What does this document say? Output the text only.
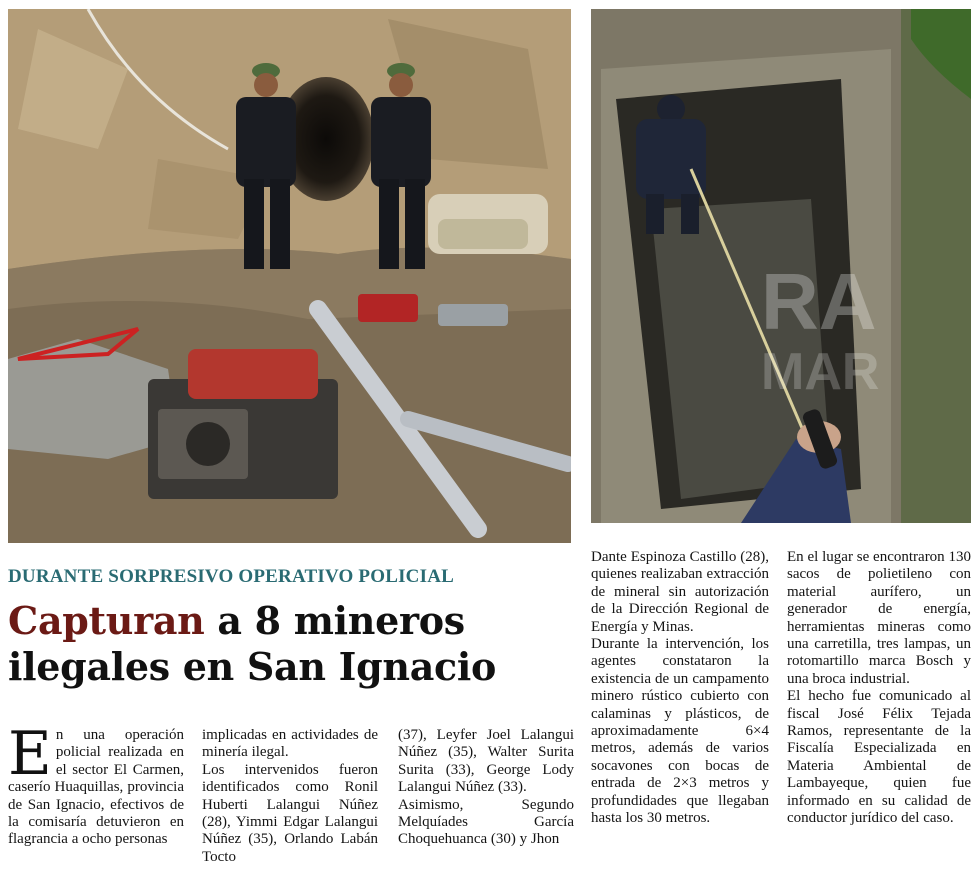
RA
MAR
DURANTE SORPRESIVO OPERATIVO POLICIAL
Capturan a 8 mineros
ilegales en San Ignacio
E n una operación policial realizada en el sector El Carmen, caserío Huaquillas, provincia de San Ignacio, efectivos de la comisaría detuvieron en flagrancia a ocho personas

implicadas en actividades de minería ilegal.
Los intervenidos fueron identificados como Ronil Huberti Lalangui Núñez (28), Yimmi Edgar Lalangui Núñez (35), Orlando Labán Tocto

(37), Leyfer Joel Lalangui Núñez (35), Walter Surita Surita (33), George Lody Lalangui Núñez (33).
Asimismo, Segundo Melquíades García Choquehuanca (30) y Jhon

Dante Espinoza Castillo (28), quienes realizaban extracción de mineral sin autorización de la Dirección Regional de Energía y Minas.
Durante la intervención, los agentes constataron la existencia de un campamento minero rústico cubierto con calaminas y plásticos, de aproximadamente 6×4 metros, además de varios socavones con bocas de entrada de 2×3 metros y profundidades que llegaban hasta los 30 metros.

En el lugar se encontraron 130 sacos de polietileno con material aurífero, un generador de energía, herramientas mineras como una carretilla, tres lampas, un rotomartillo marca Bosch y una broca industrial.
El hecho fue comunicado al fiscal José Félix Tejada Ramos, representante de la Fiscalía Especializada en Materia Ambiental de Lambayeque, quien fue informado en su calidad de conductor jurídico del caso.
